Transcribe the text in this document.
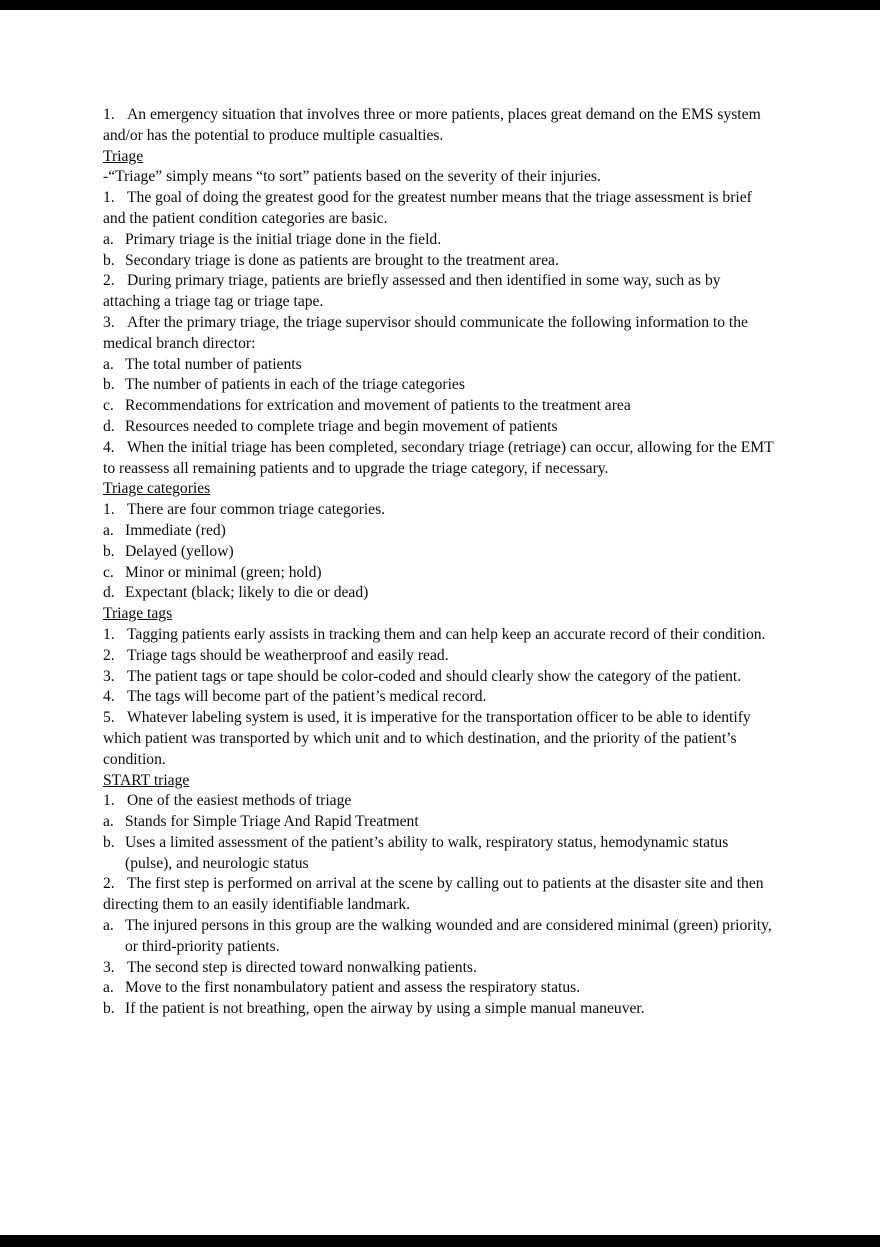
1. An emergency situation that involves three or more patients, places great demand on the EMS system and/or has the potential to produce multiple casualties.

Triage

-“Triage” simply means “to sort” patients based on the severity of their injuries.

1. The goal of doing the greatest good for the greatest number means that the triage assessment is brief and the patient condition categories are basic.

a. Primary triage is the initial triage done in the field.

b. Secondary triage is done as patients are brought to the treatment area.

2. During primary triage, patients are briefly assessed and then identified in some way, such as by attaching a triage tag or triage tape.

3. After the primary triage, the triage supervisor should communicate the following information to the medical branch director:

a. The total number of patients

b. The number of patients in each of the triage categories

c. Recommendations for extrication and movement of patients to the treatment area

d. Resources needed to complete triage and begin movement of patients

4. When the initial triage has been completed, secondary triage (retriage) can occur, allowing for the EMT to reassess all remaining patients and to upgrade the triage category, if necessary.

Triage categories

1. There are four common triage categories.

a. Immediate (red)

b. Delayed (yellow)

c. Minor or minimal (green; hold)

d. Expectant (black; likely to die or dead)

Triage tags

1. Tagging patients early assists in tracking them and can help keep an accurate record of their condition.

2. Triage tags should be weatherproof and easily read.

3. The patient tags or tape should be color-coded and should clearly show the category of the patient.

4. The tags will become part of the patient’s medical record.

5. Whatever labeling system is used, it is imperative for the transportation officer to be able to identify which patient was transported by which unit and to which destination, and the priority of the patient’s condition.

START triage

1. One of the easiest methods of triage

a. Stands for Simple Triage And Rapid Treatment

b. Uses a limited assessment of the patient’s ability to walk, respiratory status, hemodynamic status (pulse), and neurologic status

2. The first step is performed on arrival at the scene by calling out to patients at the disaster site and then directing them to an easily identifiable landmark.

a. The injured persons in this group are the walking wounded and are considered minimal (green) priority, or third-priority patients.

3. The second step is directed toward nonwalking patients.

a. Move to the first nonambulatory patient and assess the respiratory status.

b. If the patient is not breathing, open the airway by using a simple manual maneuver.
